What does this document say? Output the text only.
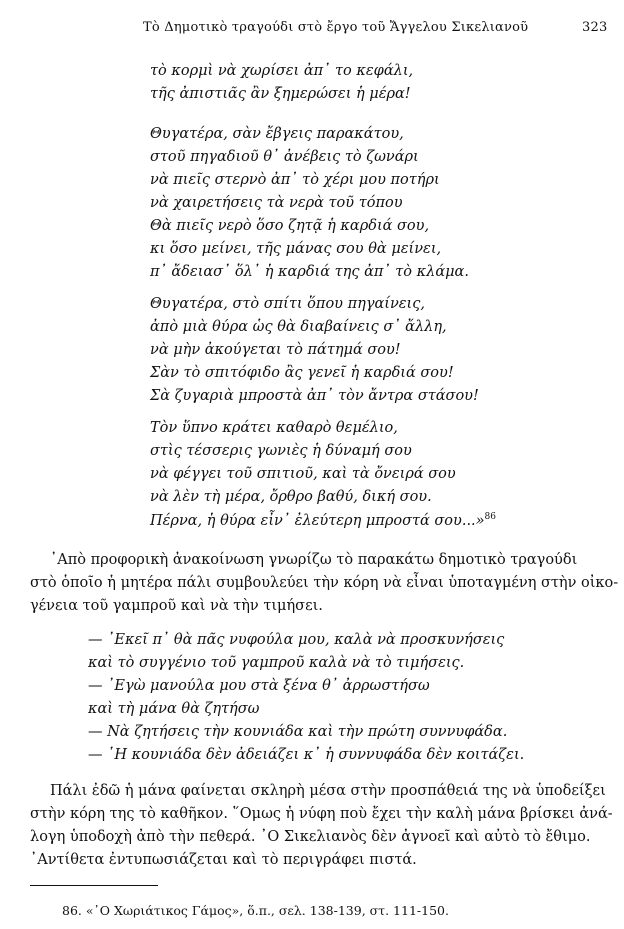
Τὸ Δημοτικὸ τραγούδι στὸ ἔργο τοῦ Ἄγγελου Σικελιανοῦ	323
τὸ κορμὶ νὰ χωρίσει ἀπ᾽ το κεφάλι,
τῆς ἀπιστιᾶς ἂν ξημερώσει ἡ μέρα!
Θυγατέρα, σὰν ἔβγεις παρακάτου,
στοῦ πηγαδιοῦ θ᾽ ἀνέβεις τὸ ζωνάρι
νὰ πιεῖς στερνὸ ἀπ᾽ τὸ χέρι μου ποτήρι
νὰ χαιρετήσεις τὰ νερὰ τοῦ τόπου
Θὰ πιεῖς νερὸ ὅσο ζητᾷ ἡ καρδιά σου,
κι ὅσο μείνει, τῆς μάνας σου θὰ μείνει,
π᾽ ἄδειασ᾽ ὅλ᾽ ἡ καρδιά της ἀπ᾽ τὸ κλάμα.
Θυγατέρα, στὸ σπίτι ὅπου πηγαίνεις,
ἀπὸ μιὰ θύρα ὡς θὰ διαβαίνεις σ᾽ ἄλλη,
νὰ μὴν ἀκούγεται τὸ πάτημά σου!
Σὰν τὸ σπιτόφιδο ἂς γενεῖ ἡ καρδιά σου!
Σὰ ζυγαριὰ μπροστὰ ἀπ᾽ τὸν ἄντρα στάσου!
Τὸν ὕπνο κράτει καθαρὸ θεμέλιο,
στὶς τέσσερις γωνιὲς ἡ δύναμή σου
νὰ φέγγει τοῦ σπιτιοῦ, καὶ τὰ ὄνειρά σου
νὰ λὲν τὴ μέρα, ὄρθρο βαθύ, δική σου.
Πέρνα, ἡ θύρα εἶν᾽ ἐλεύτερη μπροστά σου...»$^{86}$
᾽Απὸ προφορικὴ ἀνακοίνωση γνωρίζω τὸ παρακάτω δημοτικὸ τραγούδι
στὸ ὁποῖο ἡ μητέρα πάλι συμβουλεύει τὴν κόρη νὰ εἶναι ὑποταγμένη στὴν οἰκο-
γένεια τοῦ γαμπροῦ καὶ νὰ τὴν τιμήσει.
— ᾽Εκεῖ π᾽ θὰ πᾶς νυφούλα μου, καλὰ νὰ προσκυνήσεις
καὶ τὸ συγγένιο τοῦ γαμπροῦ καλὰ νὰ τὸ τιμήσεις.
— ᾽Εγὼ μανούλα μου στὰ ξένα θ᾽ ἀρρωστήσω
καὶ τὴ μάνα θὰ ζητήσω
— Νὰ ζητήσεις τὴν κουνιάδα καὶ τὴν πρώτη συννυφάδα.
— ῾Η κουνιάδα δὲν ἀδειάζει κ᾽ ἡ συννυφάδα δὲν κοιτάζει.
Πάλι ἐδῶ ἡ μάνα φαίνεται σκληρὴ μέσα στὴν προσπάθειά της νὰ ὑποδείξει
στὴν κόρη της τὸ καθῆκον. ῞Ομως ἡ νύφη ποὺ ἔχει τὴν καλὴ μάνα βρίσκει ἀνά-
λογη ὑποδοχὴ ἀπὸ τὴν πεθερά. ᾽Ο Σικελιανὸς δὲν ἀγνοεῖ καὶ αὐτὸ τὸ ἔθιμο.
᾽Αντίθετα ἐντυπωσιάζεται καὶ τὸ περιγράφει πιστά.
86. «᾽Ο Χωριάτικος Γάμος», ὅ.π., σελ. 138-139, στ. 111-150.
